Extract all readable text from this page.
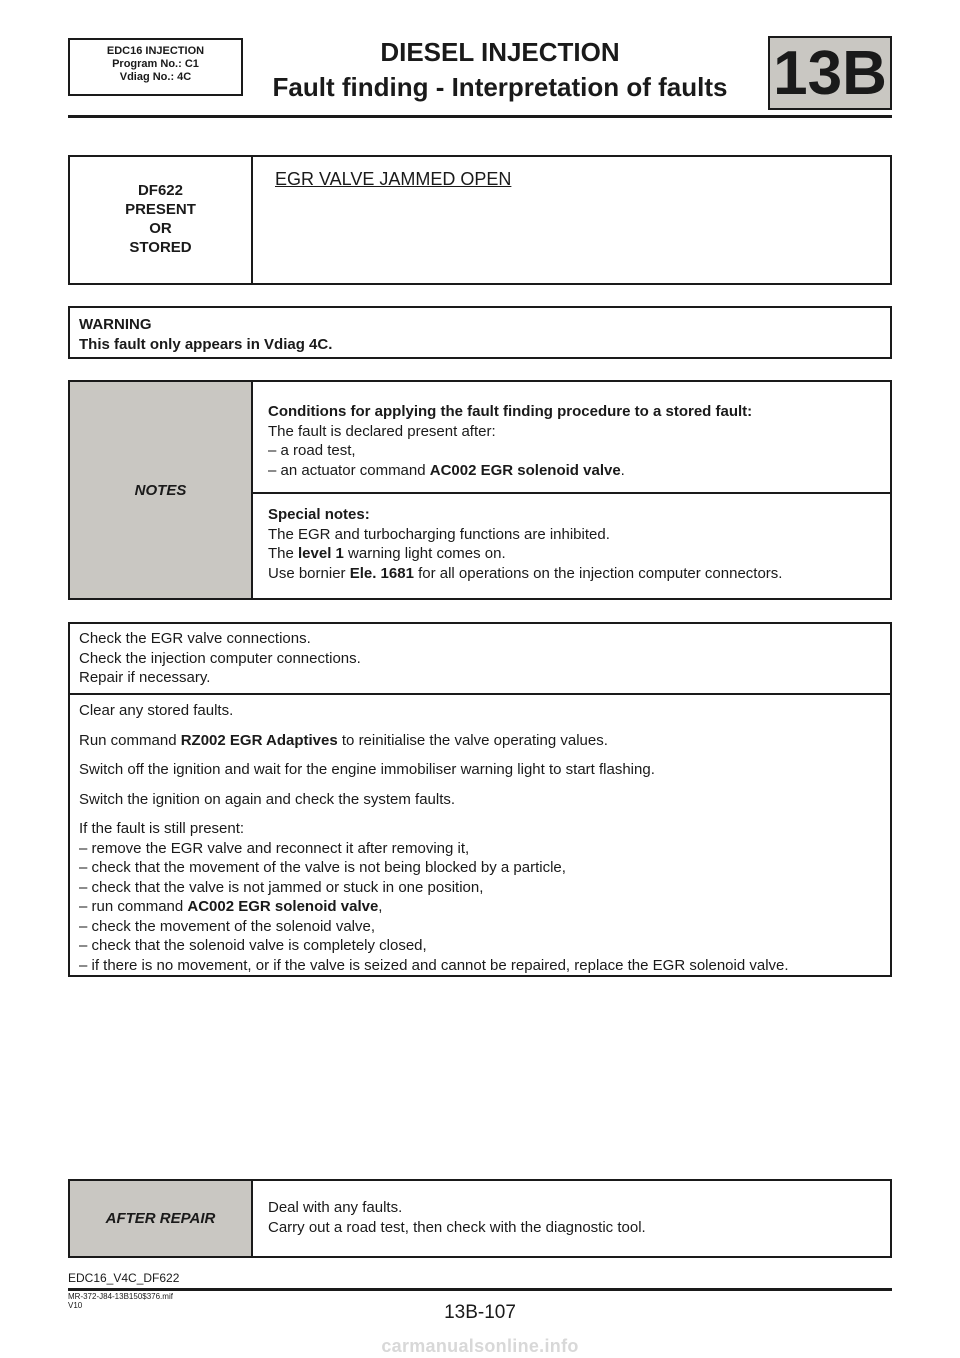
EDC16 INJECTION
Program No.: C1
Vdiag No.: 4C
DIESEL INJECTION
Fault finding - Interpretation of faults 13B
DF622
PRESENT
OR
STORED
EGR VALVE JAMMED OPEN
WARNING
This fault only appears in Vdiag 4C.
NOTES
Conditions for applying the fault finding procedure to a stored fault:
The fault is declared present after:
– a road test,
– an actuator command AC002 EGR solenoid valve.
Special notes:
The EGR and turbocharging functions are inhibited.
The level 1 warning light comes on.
Use bornier Ele. 1681 for all operations on the injection computer connectors.
Check the EGR valve connections.
Check the injection computer connections.
Repair if necessary.
Clear any stored faults.
Run command RZ002 EGR Adaptives to reinitialise the valve operating values.
Switch off the ignition and wait for the engine immobiliser warning light to start flashing.
Switch the ignition on again and check the system faults.
If the fault is still present:
– remove the EGR valve and reconnect it after removing it,
– check that the movement of the valve is not being blocked by a particle,
– check that the valve is not jammed or stuck in one position,
– run command AC002 EGR solenoid valve,
– check the movement of the solenoid valve,
– check that the solenoid valve is completely closed,
– if there is no movement, or if the valve is seized and cannot be repaired, replace the EGR solenoid valve.
AFTER REPAIR
Deal with any faults.
Carry out a road test, then check with the diagnostic tool.
EDC16_V4C_DF622
MR-372-J84-13B150$376.mif
V10	13B-107
carmanualsonline.info
